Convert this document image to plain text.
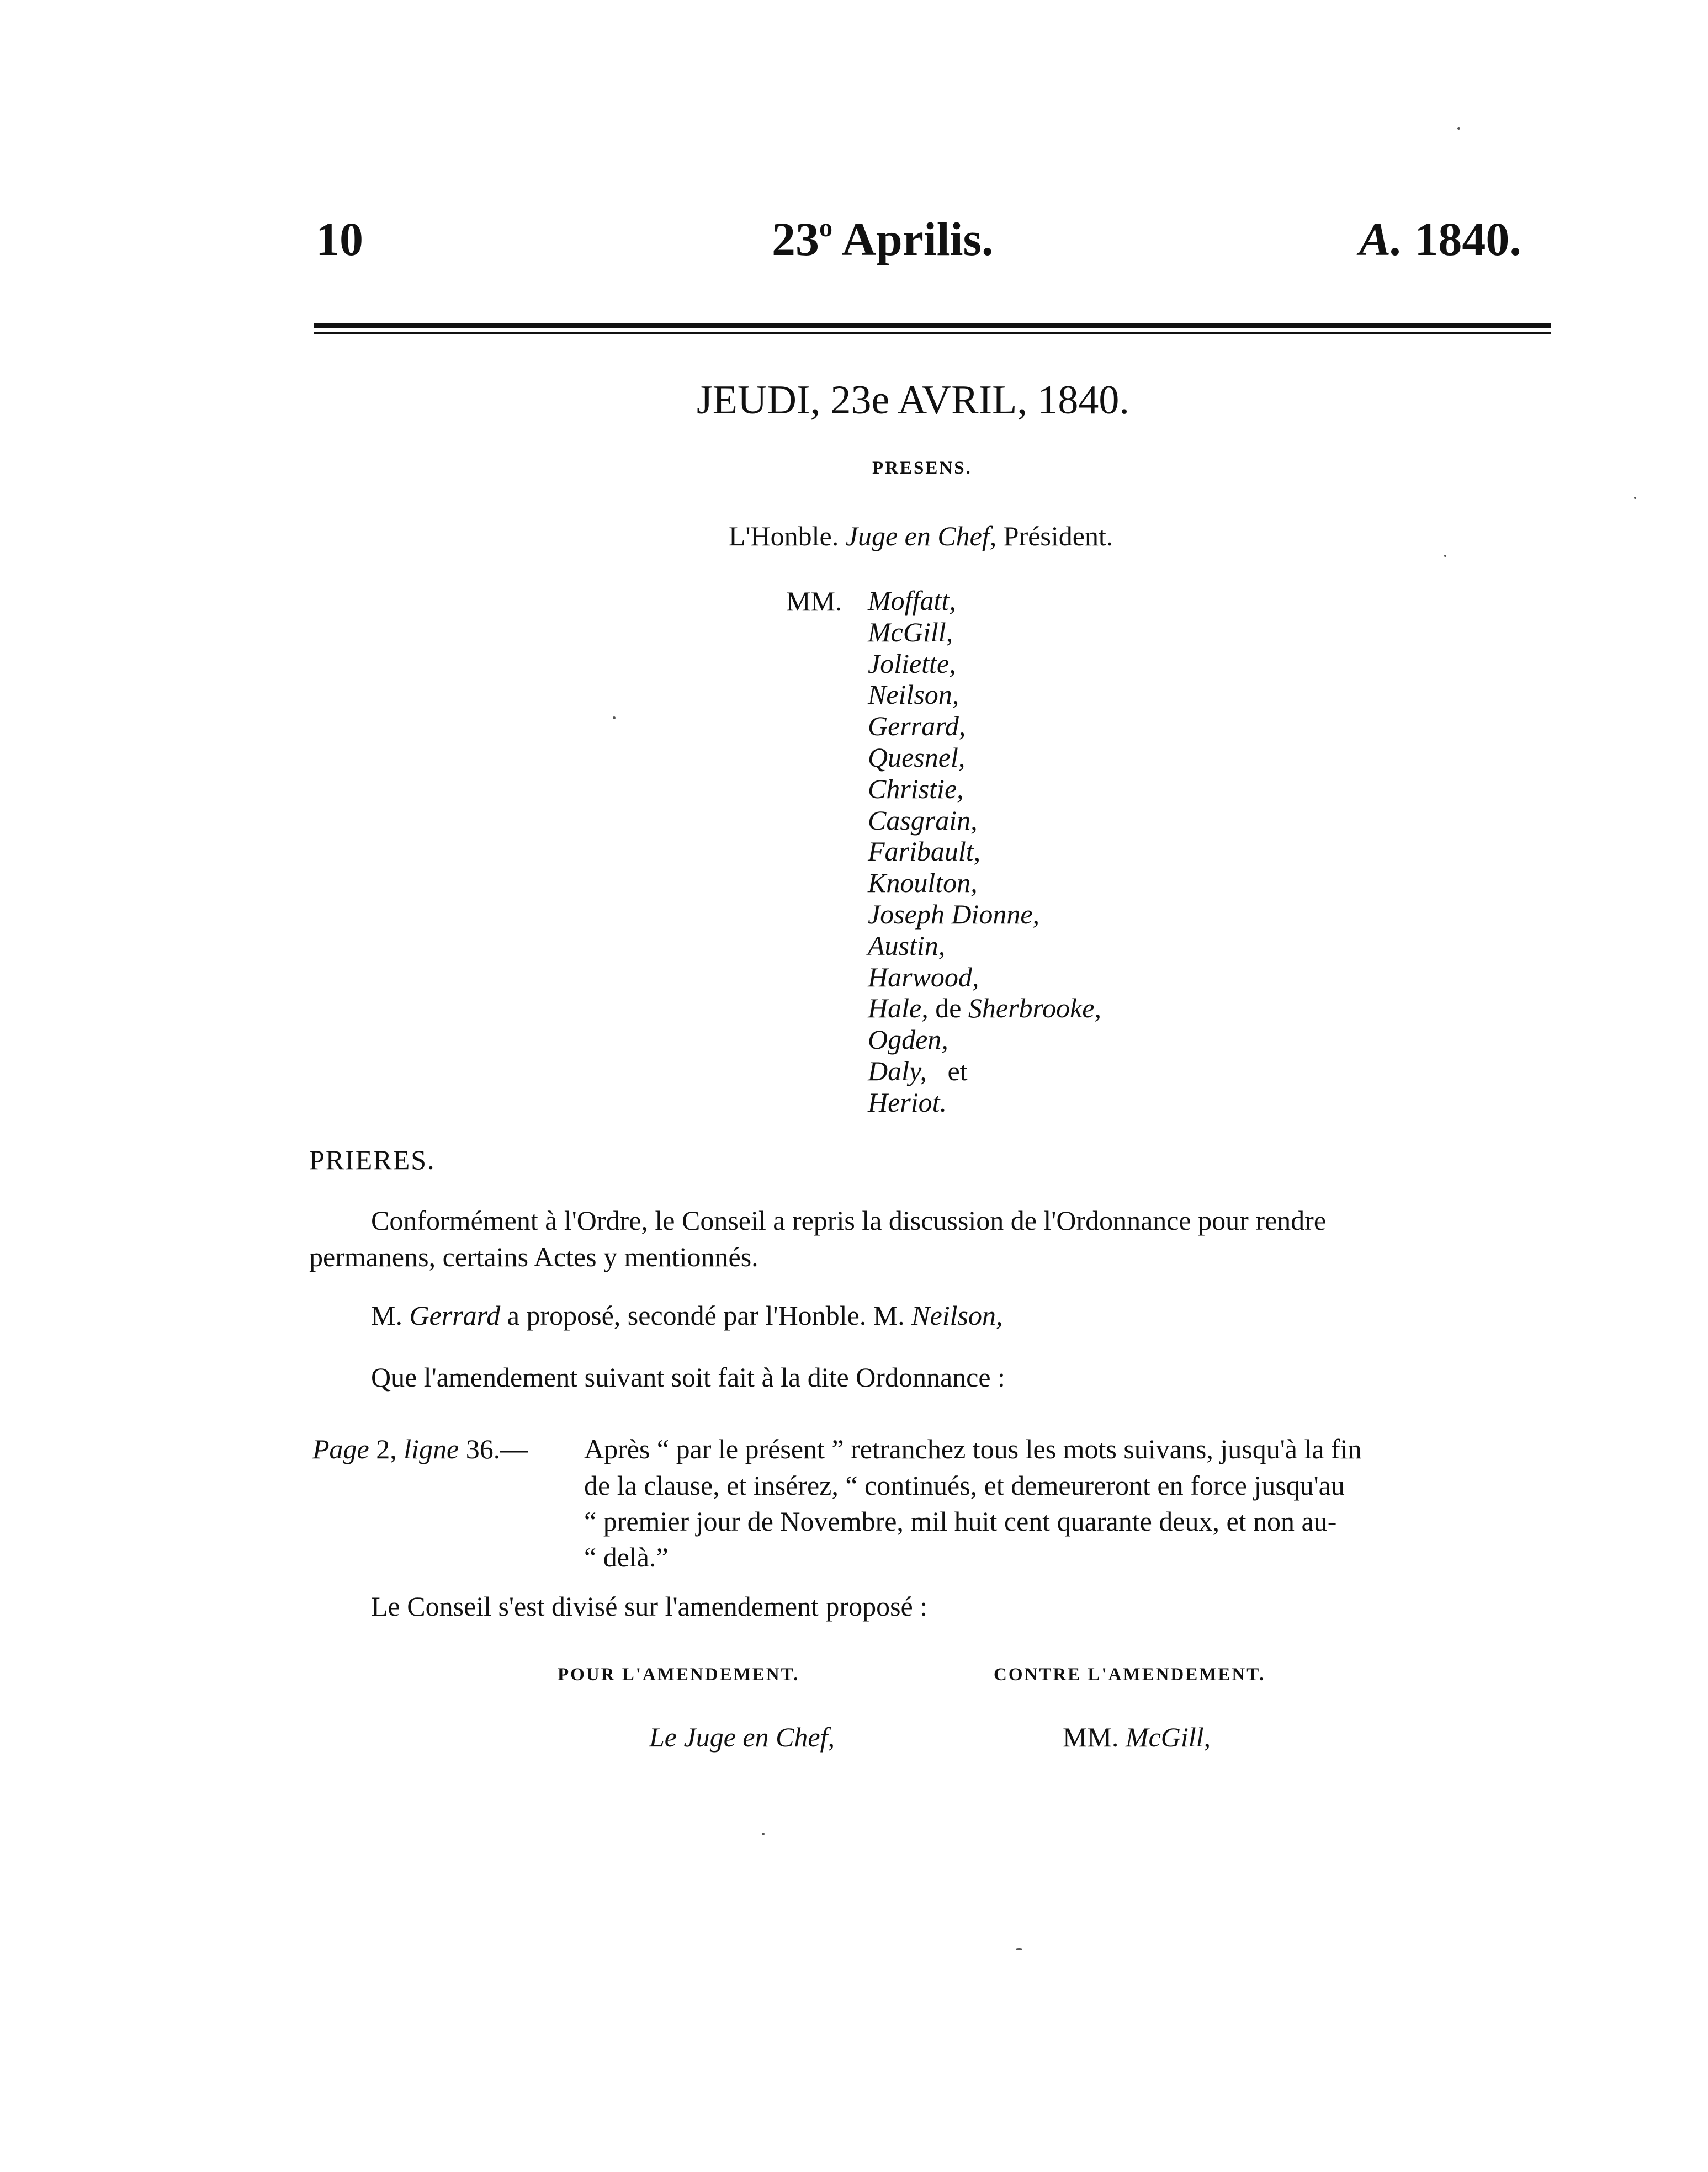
10	23$^o$ Aprilis.	A. 1840.
JEUDI, 23e AVRIL, 1840.
PRESENS.
L'Honble. Juge en Chef, Président.
MM. Moffatt,
McGill,
Joliette,
Neilson,
Gerrard,
Quesnel,
Christie,
Casgrain,
Faribault,
Knoulton,
Joseph Dionne,
Austin,
Harwood,
Hale, de Sherbrooke,
Ogden,
Daly,   et
Heriot.
PRIERES.
Conformément à l'Ordre, le Conseil a repris la discussion de l'Ordonnance pour rendre
permanens, certains Actes y mentionnés.
M. Gerrard a proposé, secondé par l'Honble. M. Neilson,
Que l'amendement suivant soit fait à la dite Ordonnance :
Page 2, ligne 36.— Après “ par le présent ” retranchez tous les mots suivans, jusqu'à la fin
de la clause, et insérez, “ continués, et demeureront en force jusqu'au
“ premier jour de Novembre, mil huit cent quarante deux, et non au-
“ delà.”
Le Conseil s'est divisé sur l'amendement proposé :
POUR L'AMENDEMENT.	CONTRE L'AMENDEMENT.
Le Juge en Chef,	MM. McGill,
